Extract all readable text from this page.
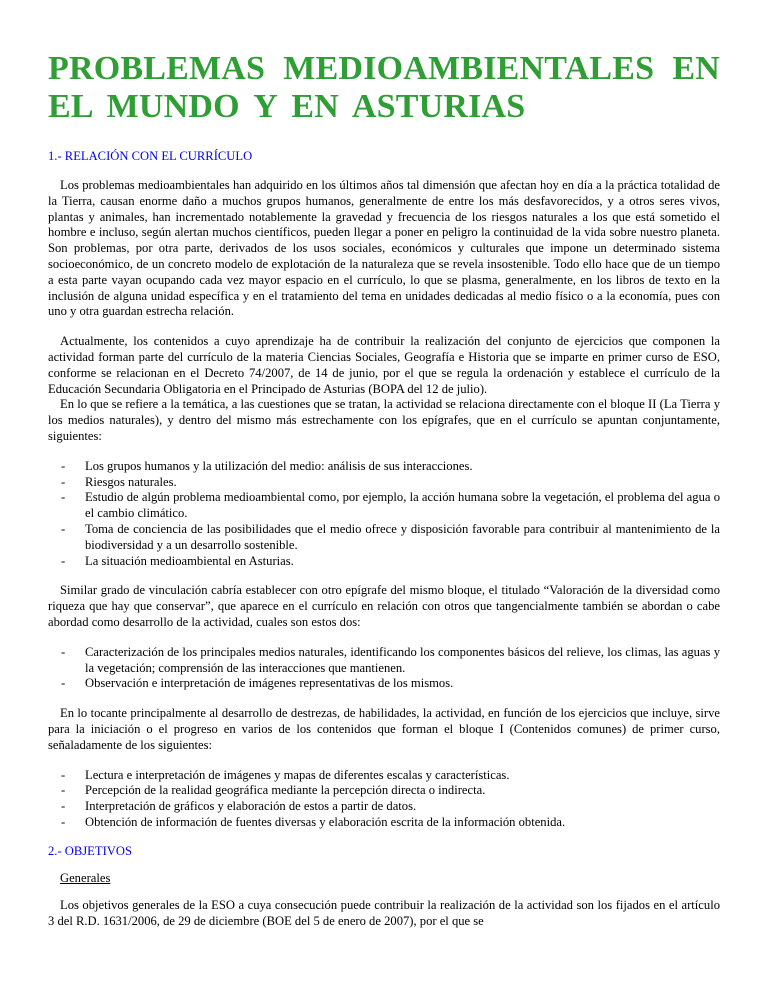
PROBLEMAS MEDIOAMBIENTALES EN EL MUNDO Y EN ASTURIAS
1.- RELACIÓN CON EL CURRÍCULO

Los problemas medioambientales han adquirido en los últimos años tal dimensión que afectan hoy en día a la práctica totalidad de la Tierra, causan enorme daño a muchos grupos humanos, generalmente de entre los más desfavorecidos, y a otros seres vivos, plantas y animales, han incrementado notablemente la gravedad y frecuencia de los riesgos naturales a los que está sometido el hombre e incluso, según alertan muchos científicos, pueden llegar a poner en peligro la continuidad de la vida sobre nuestro planeta. Son problemas, por otra parte, derivados de los usos sociales, económicos y culturales que impone un determinado sistema socioeconómico, de un concreto modelo de explotación de la naturaleza que se revela insostenible. Todo ello hace que de un tiempo a esta parte vayan ocupando cada vez mayor espacio en el currículo, lo que se plasma, generalmente, en los libros de texto en la inclusión de alguna unidad específica y en el tratamiento del tema en unidades dedicadas al medio físico o a la economía, pues con uno y otra guardan estrecha relación.

Actualmente, los contenidos a cuyo aprendizaje ha de contribuir la realización del conjunto de ejercicios que componen la actividad forman parte del currículo de la materia Ciencias Sociales, Geografía e Historia que se imparte en primer curso de ESO, conforme se relacionan en el Decreto 74/2007, de 14 de junio, por el que se regula la ordenación y establece el currículo de la Educación Secundaria Obligatoria en el Principado de Asturias (BOPA del 12 de julio).

En lo que se refiere a la temática, a las cuestiones que se tratan, la actividad se relaciona directamente con el bloque II (La Tierra y los medios naturales), y dentro del mismo más estrechamente con los epígrafes, que en el currículo se apuntan conjuntamente, siguientes:

- Los grupos humanos y la utilización del medio: análisis de sus interacciones.
- Riesgos naturales.
- Estudio de algún problema medioambiental como, por ejemplo, la acción humana sobre la vegetación, el problema del agua o el cambio climático.
- Toma de conciencia de las posibilidades que el medio ofrece y disposición favorable para contribuir al mantenimiento de la biodiversidad y a un desarrollo sostenible.
- La situación medioambiental en Asturias.

Similar grado de vinculación cabría establecer con otro epígrafe del mismo bloque, el titulado “Valoración de la diversidad como riqueza que hay que conservar”, que aparece en el currículo en relación con otros que tangencialmente también se abordan o cabe abordad como desarrollo de la actividad, cuales son estos dos:

- Caracterización de los principales medios naturales, identificando los componentes básicos del relieve, los climas, las aguas y la vegetación; comprensión de las interacciones que mantienen.
- Observación e interpretación de imágenes representativas de los mismos.

En lo tocante principalmente al desarrollo de destrezas, de habilidades, la actividad, en función de los ejercicios que incluye, sirve para la iniciación o el progreso en varios de los contenidos que forman el bloque I (Contenidos comunes) de primer curso, señaladamente de los siguientes:

- Lectura e interpretación de imágenes y mapas de diferentes escalas y características.
- Percepción de la realidad geográfica mediante la percepción directa o indirecta.
- Interpretación de gráficos y elaboración de estos a partir de datos.
- Obtención de información de fuentes diversas y elaboración escrita de la información obtenida.
2.- OBJETIVOS
Generales

Los objetivos generales de la ESO a cuya consecución puede contribuir la realización de la actividad son los fijados en el artículo 3 del R.D. 1631/2006, de 29 de diciembre (BOE del 5 de enero de 2007), por el que se
